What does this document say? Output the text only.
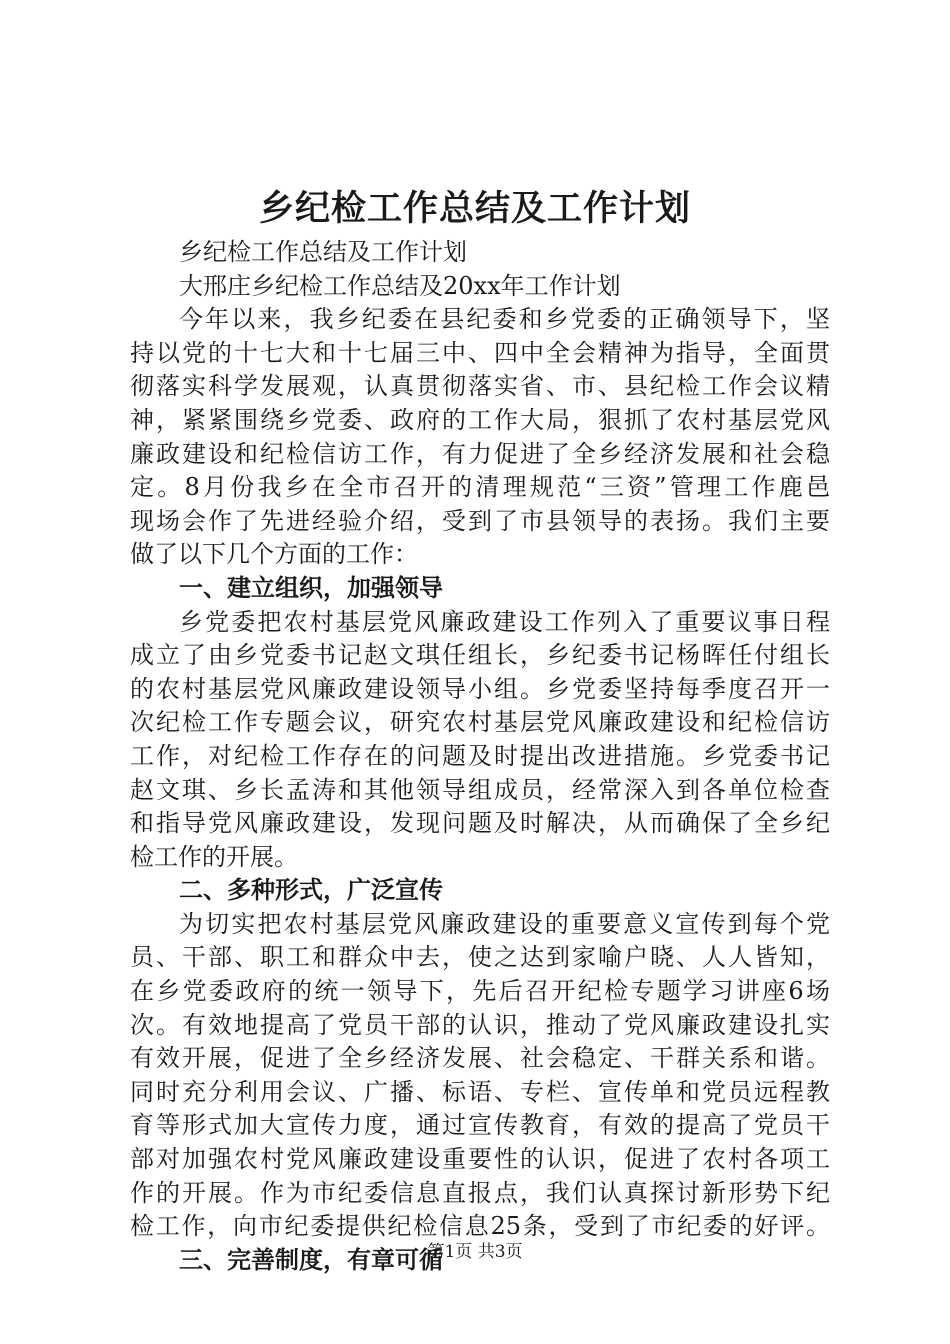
乡纪检工作总结及工作计划
乡纪检工作总结及工作计划
大邢庄乡纪检工作总结及20xx年工作计划
今年以来，我乡纪委在县纪委和乡党委的正确领导下，坚
持以党的十七大和十七届三中、四中全会精神为指导，全面贯
彻落实科学发展观，认真贯彻落实省、市、县纪检工作会议精
神，紧紧围绕乡党委、政府的工作大局，狠抓了农村基层党风
廉政建设和纪检信访工作，有力促进了全乡经济发展和社会稳
定。8月份我乡在全市召开的清理规范“三资”管理工作鹿邑
现场会作了先进经验介绍，受到了市县领导的表扬。我们主要
做了以下几个方面的工作：
一、建立组织，加强领导
乡党委把农村基层党风廉政建设工作列入了重要议事日程
成立了由乡党委书记赵文琪任组长，乡纪委书记杨晖任付组长
的农村基层党风廉政建设领导小组。乡党委坚持每季度召开一
次纪检工作专题会议，研究农村基层党风廉政建设和纪检信访
工作，对纪检工作存在的问题及时提出改进措施。乡党委书记
赵文琪、乡长孟涛和其他领导组成员，经常深入到各单位检查
和指导党风廉政建设，发现问题及时解决，从而确保了全乡纪
检工作的开展。
二、多种形式，广泛宣传
为切实把农村基层党风廉政建设的重要意义宣传到每个党
员、干部、职工和群众中去，使之达到家喻户晓、人人皆知，
在乡党委政府的统一领导下，先后召开纪检专题学习讲座6场
次。有效地提高了党员干部的认识，推动了党风廉政建设扎实
有效开展，促进了全乡经济发展、社会稳定、干群关系和谐。
同时充分利用会议、广播、标语、专栏、宣传单和党员远程教
育等形式加大宣传力度，通过宣传教育，有效的提高了党员干
部对加强农村党风廉政建设重要性的认识，促进了农村各项工
作的开展。作为市纪委信息直报点，我们认真探讨新形势下纪
检工作，向市纪委提供纪检信息25条，受到了市纪委的好评。
三、完善制度，有章可循
第1页 共3页
